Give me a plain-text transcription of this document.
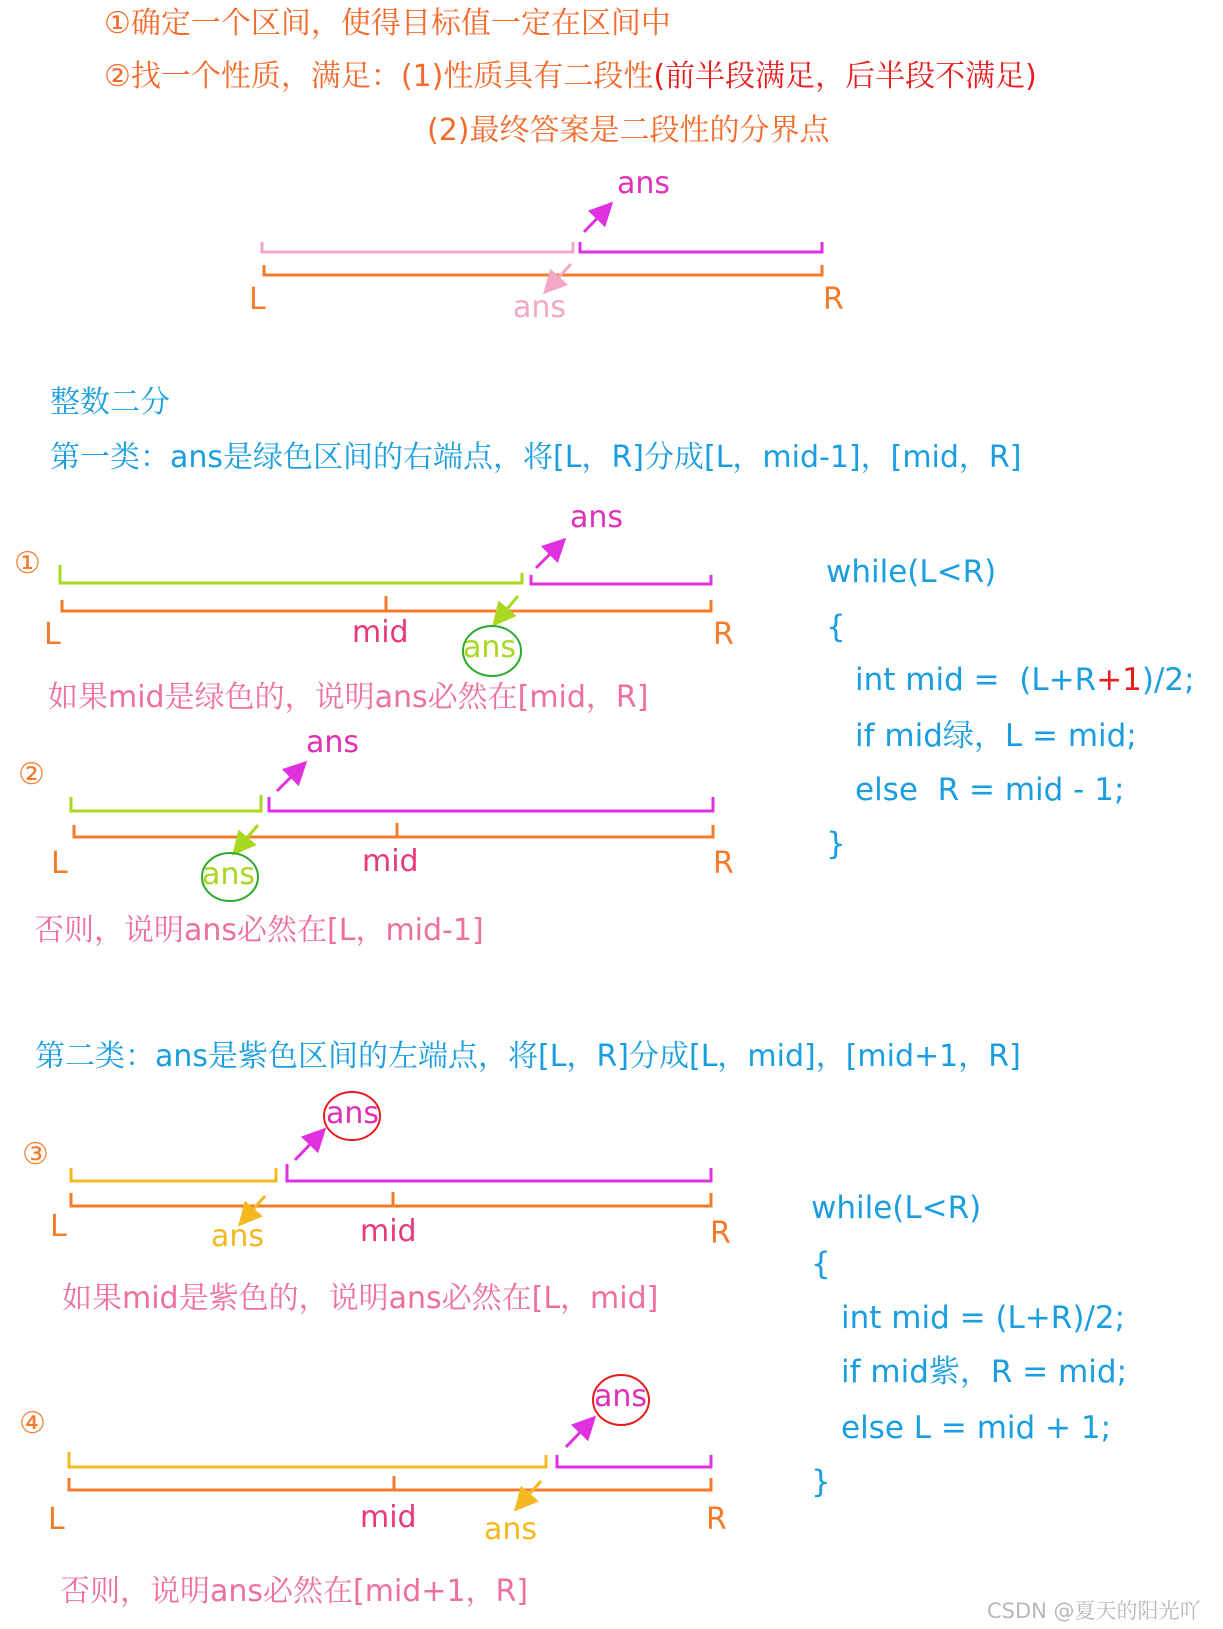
①确定一个区间，使得目标值一定在区间中
②找一个性质，满足：(1)性质具有二段性(前半段满足，后半段不满足)
(2)最终答案是二段性的分界点
ans
ans
L	R
整数二分
第一类：ans是绿色区间的右端点，将[L，R]分成[L，mid-1]，[mid，R]
①
ans
L	mid ans	R
如果mid是绿色的，说明ans必然在[mid，R]
②
ans
L	ans	mid	R
否则，说明ans必然在[L，mid-1]
第二类：ans是紫色区间的左端点，将[L，R]分成[L，mid]，[mid+1，R]
③
ans
L	ans	mid	R
如果mid是紫色的，说明ans必然在[L，mid]
④
ans
L	mid ans	R
否则，说明ans必然在[mid+1，R]
while(L<R)
{
int mid =  (L+R+1)/2;
if mid绿，L = mid;
else  R = mid - 1;
}
while(L<R)
{
int mid = (L+R)/2;
if mid紫，R = mid;
else L = mid + 1;
}
CSDN @夏天的阳光吖
